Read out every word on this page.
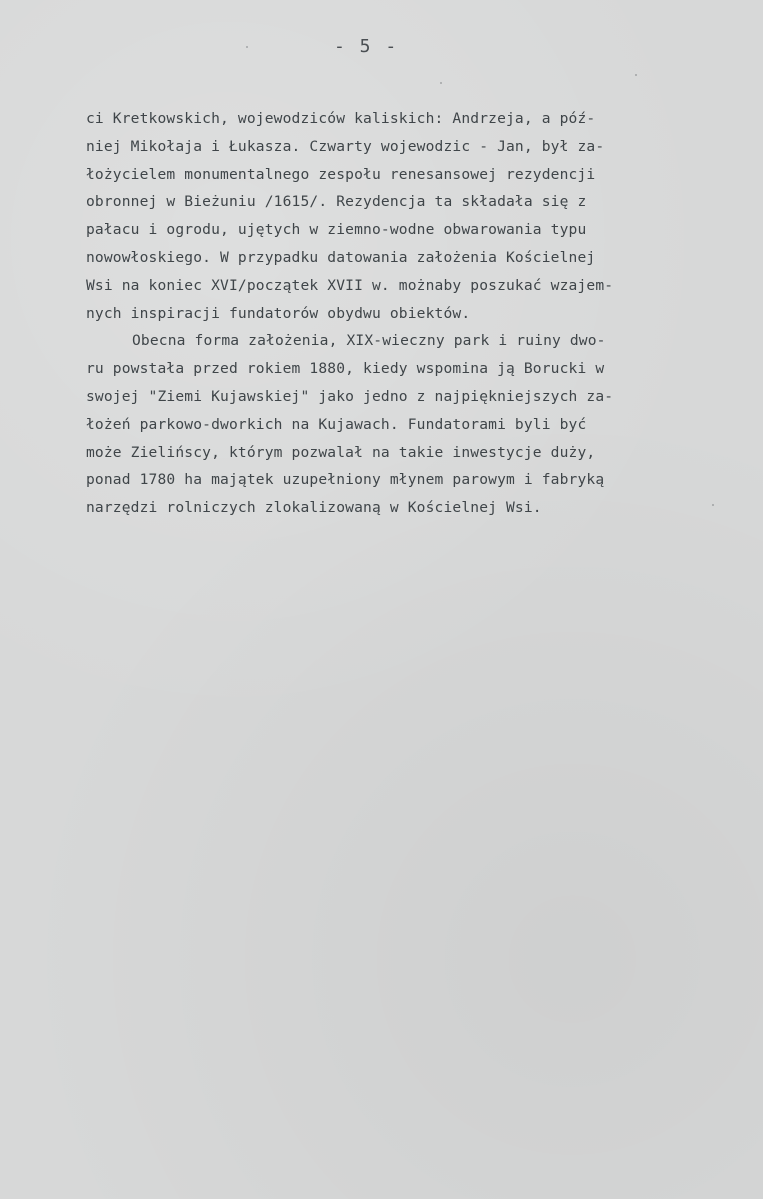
- 5 -
ci Kretkowskich, wojewodziców kaliskich: Andrzeja, a póź-
niej Mikołaja i Łukasza. Czwarty wojewodzic - Jan, był za-
łożycielem monumentalnego zespołu renesansowej rezydencji
obronnej w Bieżuniu /1615/. Rezydencja ta składała się z
pałacu i ogrodu, ujętych w ziemno-wodne obwarowania typu
nowowłoskiego. W przypadku datowania założenia Kościelnej
Wsi na koniec XVI/początek XVII w. możnaby poszukać wzajem-
nych inspiracji fundatorów obydwu obiektów.
Obecna forma założenia, XIX-wieczny park i ruiny dwo-
ru powstała przed rokiem 1880, kiedy wspomina ją Borucki w
swojej "Ziemi Kujawskiej" jako jedno z najpiękniejszych za-
łożeń parkowo-dworkich na Kujawach. Fundatorami byli być
może Zielińscy, którym pozwalał na takie inwestycje duży,
ponad 1780 ha majątek uzupełniony młynem parowym i fabryką
narzędzi rolniczych zlokalizowaną w Kościelnej Wsi.
